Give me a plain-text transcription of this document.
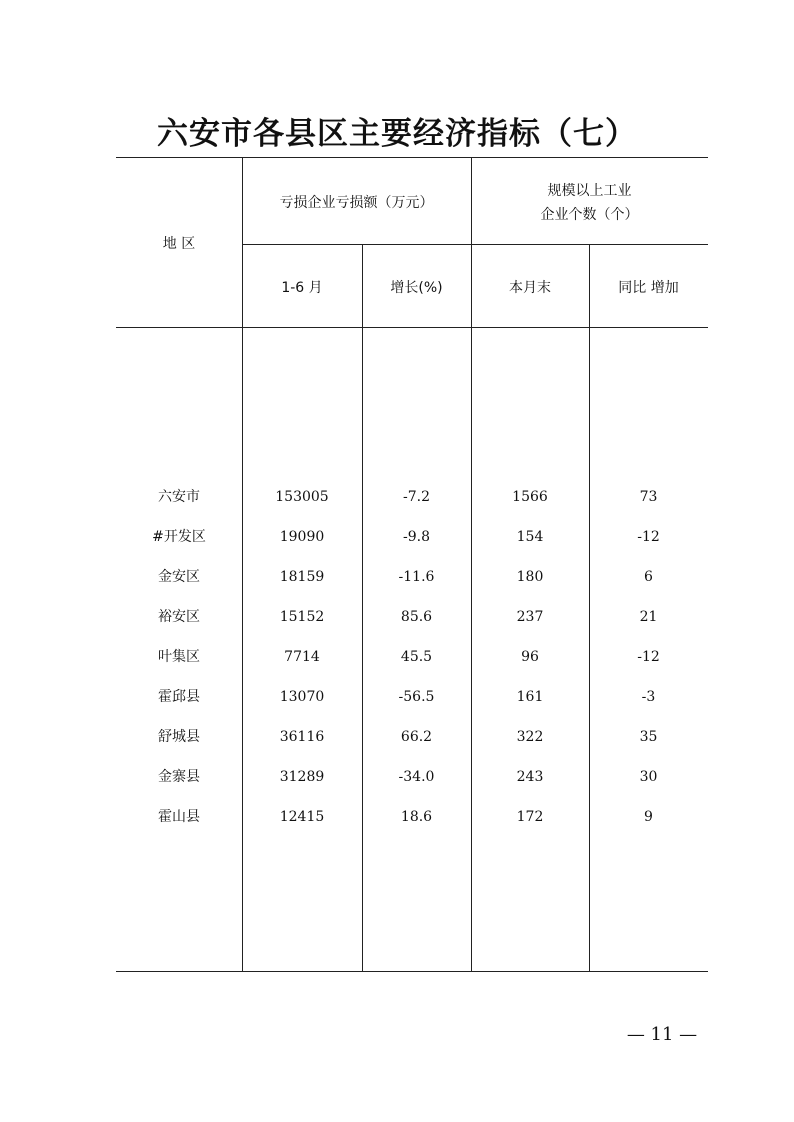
六安市各县区主要经济指标（七）
地 区
亏损企业亏损额（万元）
规模以上工业
企业个数（个）
1-6 月	增长(%)	本月末	同比 增加
六安市	153005	-7.2	1566	73
#开发区	19090	-9.8	154	-12
金安区	18159	-11.6	180	6
裕安区	15152	85.6	237	21
叶集区	7714	45.5	96	-12
霍邱县	13070	-56.5	161	-3
舒城县	36116	66.2	322	35
金寨县	31289	-34.0	243	30
霍山县	12415	18.6	172	9
— 11 —
